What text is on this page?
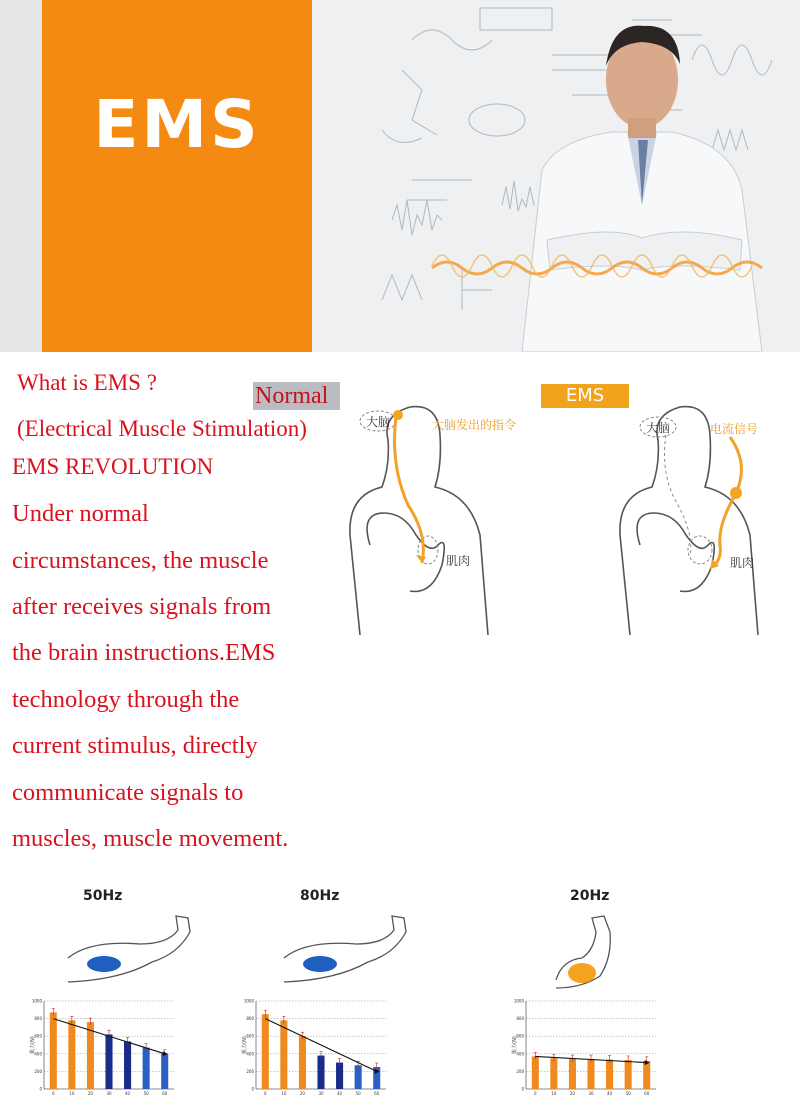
EMS
What is EMS ?
(Electrical Muscle Stimulation)
EMS REVOLUTION
Under normal
circumstances, the muscle
after receives signals from
the brain instructions.EMS
technology through the
current stimulus, directly
communicate signals to
muscles, muscle movement.
Normal	EMS
大脑	大脑发出的指令
肌肉
大脑	电流信号
肌肉
50Hz	80Hz	20Hz
0
200
400
600
800
1000
肌力(N)
0	10	20	30	40	50	60
0
200
400
600
800
1000
肌力(N)
0	10	20	30	40	50	60
0
200
400
600
800
1000
肌力(N)
0	10	20	30	40	50	60
